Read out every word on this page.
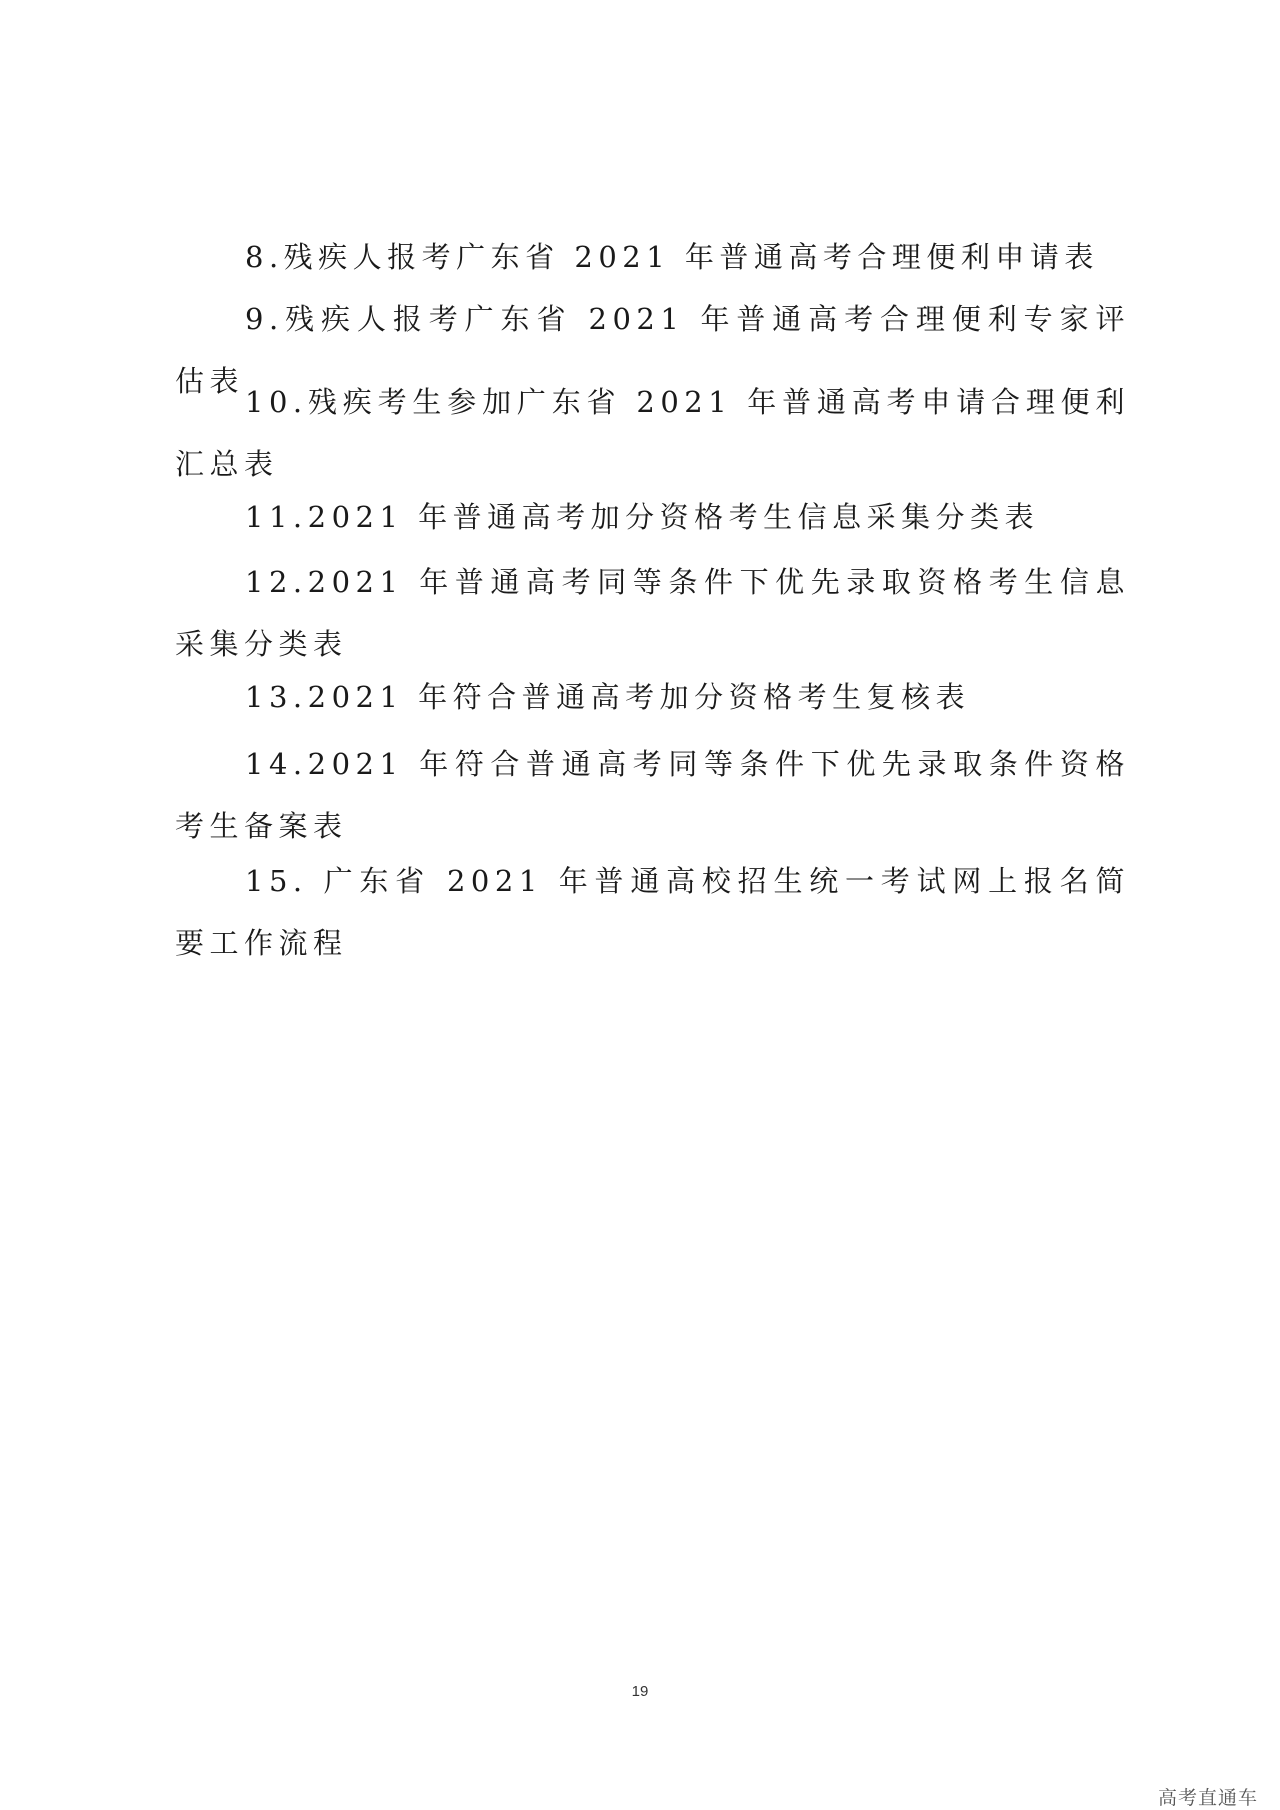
8.残疾人报考广东省 2021 年普通高考合理便利申请表

9.残疾人报考广东省 2021 年普通高考合理便利专家评估表

10.残疾考生参加广东省 2021 年普通高考申请合理便利汇总表

11.2021 年普通高考加分资格考生信息采集分类表

12.2021 年普通高考同等条件下优先录取资格考生信息采集分类表

13.2021 年符合普通高考加分资格考生复核表

14.2021 年符合普通高考同等条件下优先录取条件资格考生备案表

15. 广东省 2021 年普通高校招生统一考试网上报名简要工作流程

19
高考直通车
